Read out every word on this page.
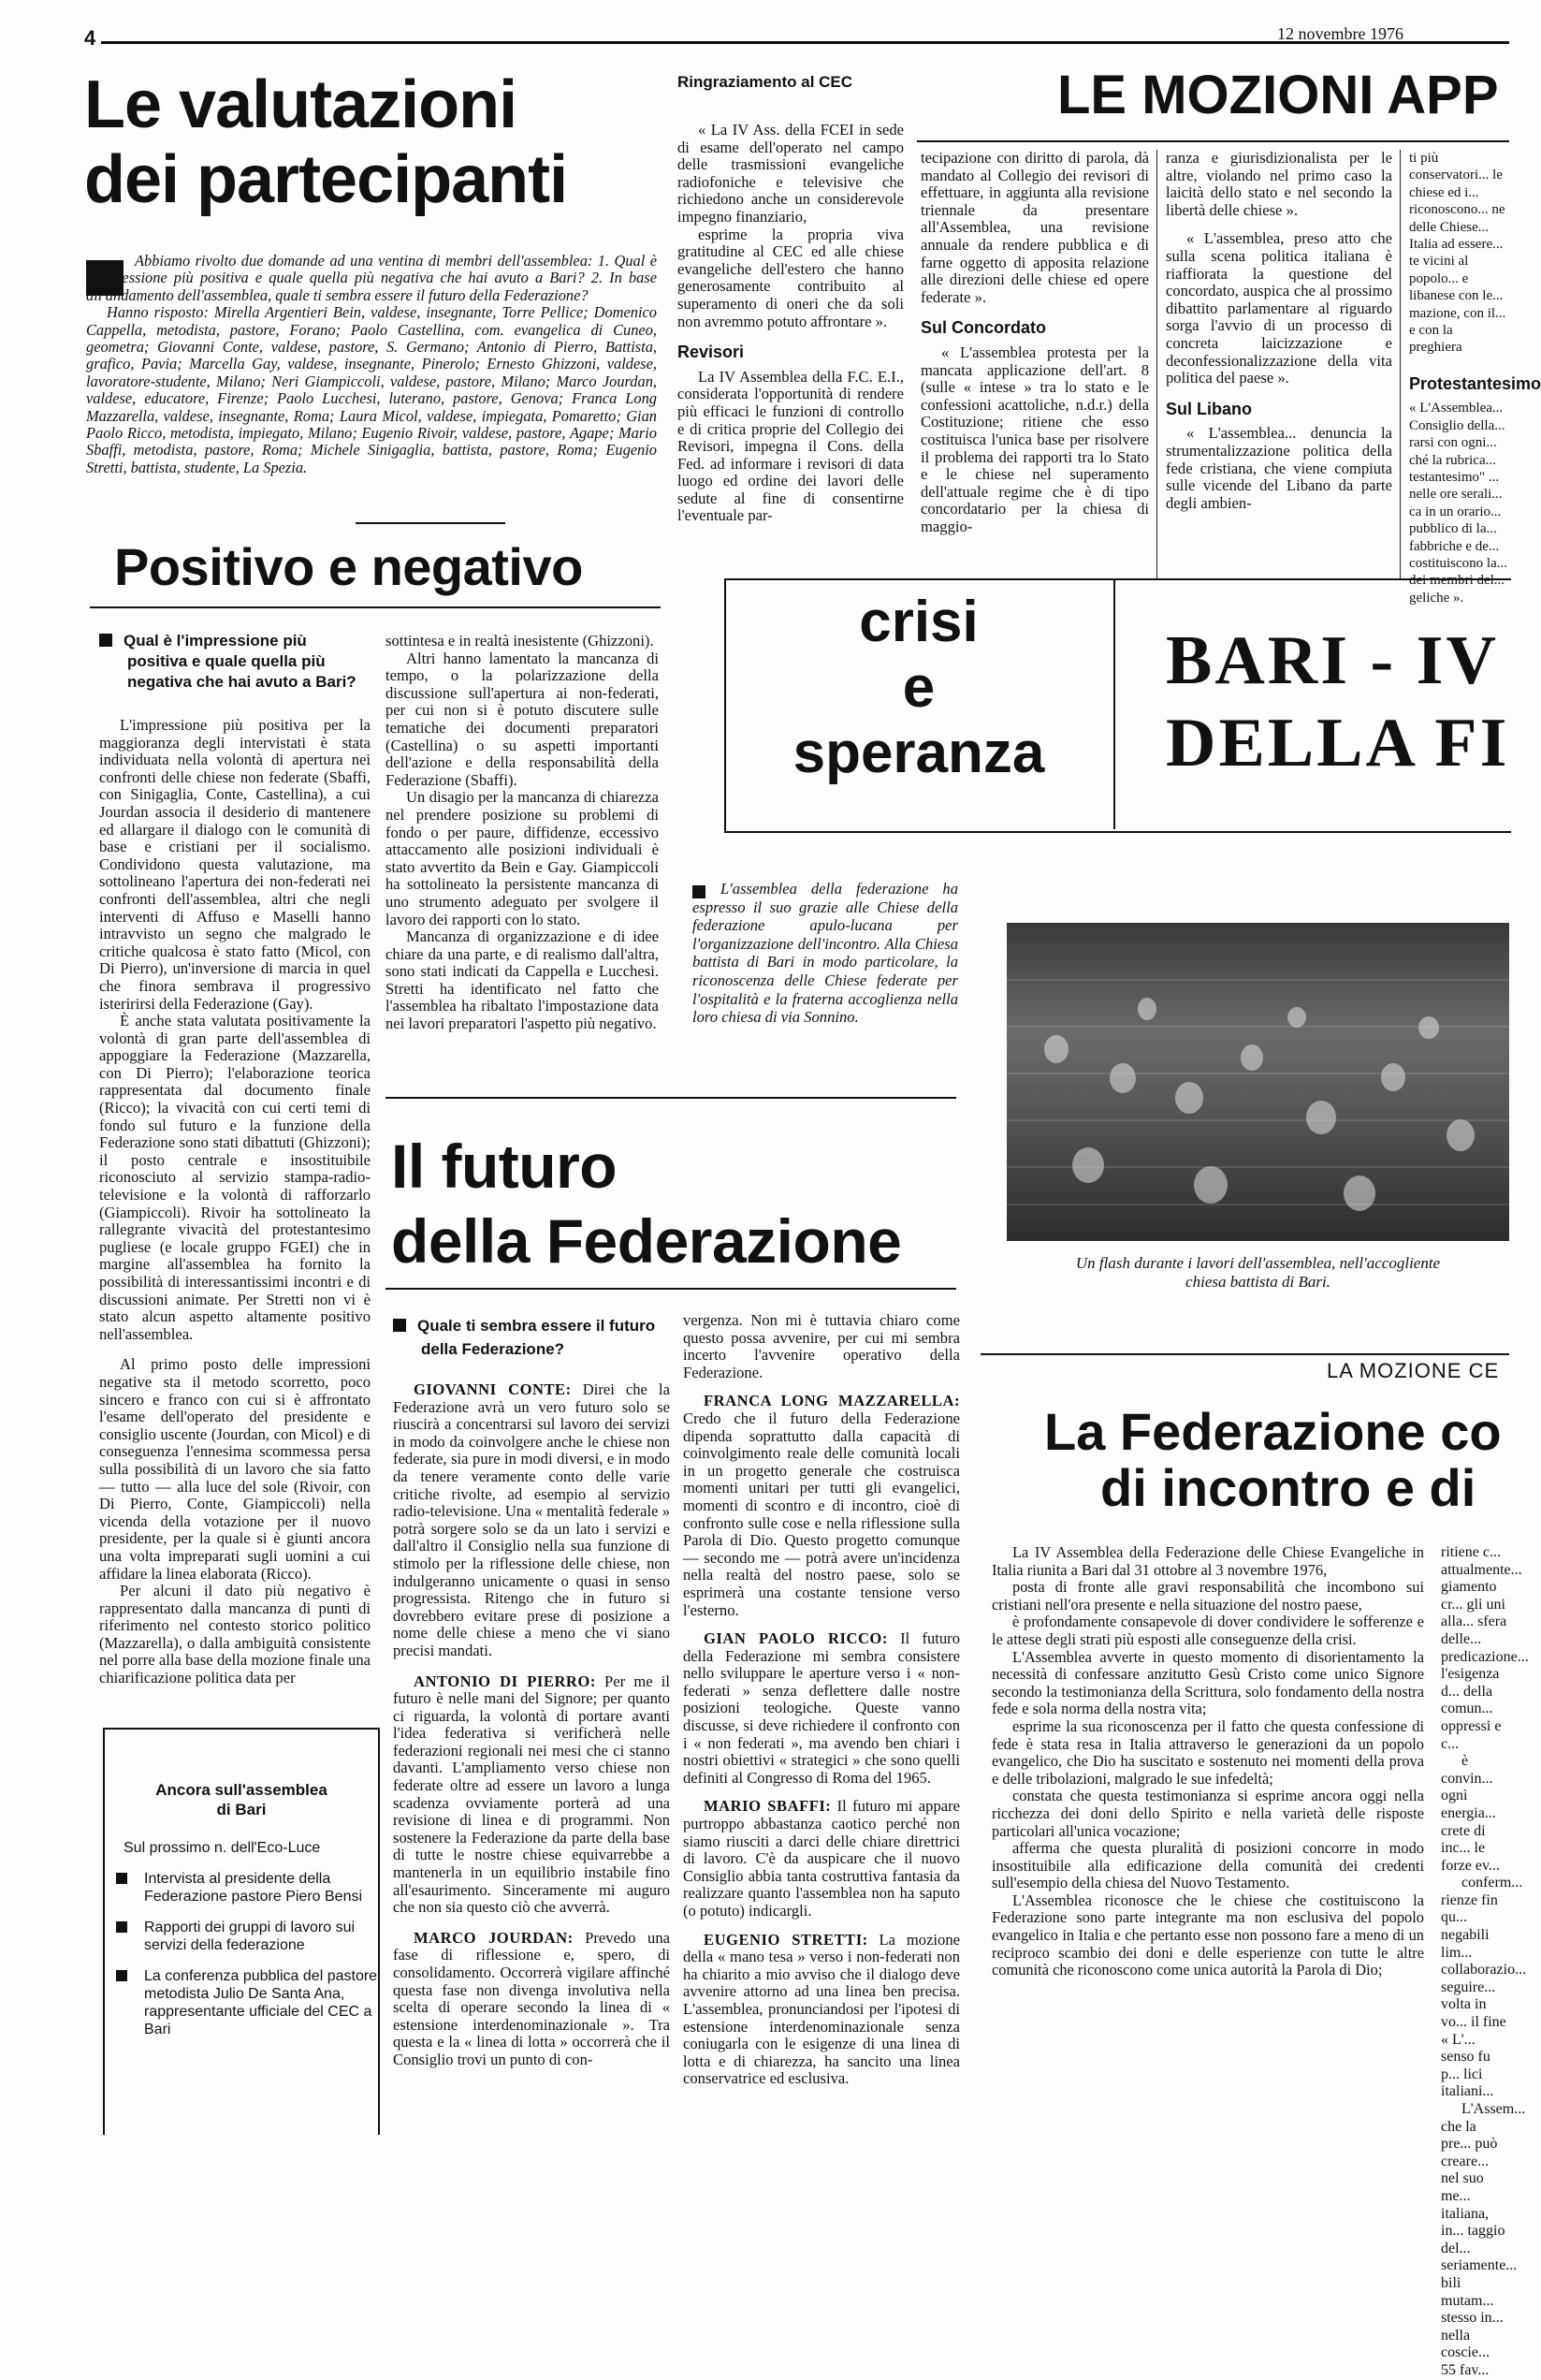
4	12 novembre 1976
Le valutazioni
dei partecipanti

Abbiamo rivolto due domande ad una ventina di membri dell'assemblea: 1. Qual è l'impressione più positiva e quale quella più negativa che hai avuto a Bari? 2. In base all'andamento dell'assemblea, quale ti sembra essere il futuro della Federazione?

Hanno risposto: Mirella Argentieri Bein, valdese, insegnante, Torre Pellice; Domenico Cappella, metodista, pastore, Forano; Paolo Castellina, com. evangelica di Cuneo, geometra; Giovanni Conte, valdese, pastore, S. Germano; Antonio di Pierro, Battista, grafico, Pavia; Marcella Gay, valdese, insegnante, Pinerolo; Ernesto Ghizzoni, valdese, lavoratore-studente, Milano; Neri Giampiccoli, valdese, pastore, Milano; Marco Jourdan, valdese, educatore, Firenze; Paolo Lucchesi, luterano, pastore, Genova; Franca Long Mazzarella, valdese, insegnante, Roma; Laura Micol, valdese, impiegata, Pomaretto; Gian Paolo Ricco, metodista, impiegato, Milano; Eugenio Rivoir, valdese, pastore, Agape; Mario Sbaffi, metodista, pastore, Roma; Michele Sinigaglia, battista, pastore, Roma; Eugenio Stretti, battista, studente, La Spezia.

Positivo e negativo
Qual è l'impressione più positiva e quale quella più negativa che hai avuto a Bari?

L'impressione più positiva per la maggioranza degli intervistati è stata individuata nella volontà di apertura nei confronti delle chiese non federate (Sbaffi, con Sinigaglia, Conte, Castellina), a cui Jourdan associa il desiderio di mantenere ed allargare il dialogo con le comunità di base e cristiani per il socialismo. Condividono questa valutazione, ma sottolineano l'apertura dei non-federati nei confronti dell'assemblea, altri che negli interventi di Affuso e Maselli hanno intravvisto un segno che malgrado le critiche qualcosa è stato fatto (Micol, con Di Pierro), un'inversione di marcia in quel che finora sembrava il progressivo isteririrsi della Federazione (Gay).

È anche stata valutata positivamente la volontà di gran parte dell'assemblea di appoggiare la Federazione (Mazzarella, con Di Pierro); l'elaborazione teorica rappresentata dal documento finale (Ricco); la vivacità con cui certi temi di fondo sul futuro e la funzione della Federazione sono stati dibattuti (Ghizzoni); il posto centrale e insostituibile riconosciuto al servizio stampa-radio-televisione e la volontà di rafforzarlo (Giampiccoli). Rivoir ha sottolineato la rallegrante vivacità del protestantesimo pugliese (e locale gruppo FGEI) che in margine all'assemblea ha fornito la possibilità di interessantissimi incontri e di discussioni animate. Per Stretti non vi è stato alcun aspetto altamente positivo nell'assemblea.

Al primo posto delle impressioni negative sta il metodo scorretto, poco sincero e franco con cui si è affrontato l'esame dell'operato del presidente e consiglio uscente (Jourdan, con Micol) e di conseguenza l'ennesima scommessa persa sulla possibilità di un lavoro che sia fatto — tutto — alla luce del sole (Rivoir, con Di Pierro, Conte, Giampiccoli) nella vicenda della votazione per il nuovo presidente, per la quale si è giunti ancora una volta impreparati sugli uomini a cui affidare la linea elaborata (Ricco).

Per alcuni il dato più negativo è rappresentato dalla mancanza di punti di riferimento nel contesto storico politico (Mazzarella), o dalla ambiguità consistente nel porre alla base della mozione finale una chiarificazione politica data per

sottintesa e in realtà inesistente (Ghizzoni).

Altri hanno lamentato la mancanza di tempo, o la polarizzazione della discussione sull'apertura ai non-federati, per cui non si è potuto discutere sulle tematiche dei documenti preparatori (Castellina) o su aspetti importanti dell'azione e della responsabilità della Federazione (Sbaffi).

Un disagio per la mancanza di chiarezza nel prendere posizione su problemi di fondo o per paure, diffidenze, eccessivo attaccamento alle posizioni individuali è stato avvertito da Bein e Gay. Giampiccoli ha sottolineato la persistente mancanza di uno strumento adeguato per svolgere il lavoro dei rapporti con lo stato.

Mancanza di organizzazione e di idee chiare da una parte, e di realismo dall'altra, sono stati indicati da Cappella e Lucchesi. Stretti ha identificato nel fatto che l'assemblea ha ribaltato l'impostazione data nei lavori preparatori l'aspetto più negativo.

Ancora sull'assemblea
di Bari
Sul prossimo n. dell'Eco-Luce
Intervista al presidente della Federazione pastore Piero Bensi
Rapporti dei gruppi di lavoro sui servizi della federazione
La conferenza pubblica del pastore metodista Julio De Santa Ana, rappresentante ufficiale del CEC a Bari
Ringraziamento al CEC

« La IV Ass. della FCEI in sede di esame dell'operato nel campo delle trasmissioni evangeliche radiofoniche e televisive che richiedono anche un considerevole impegno finanziario,

esprime la propria viva gratitudine al CEC ed alle chiese evangeliche dell'estero che hanno generosamente contribuito al superamento di oneri che da soli non avremmo potuto affrontare ».

Revisori

La IV Assemblea della F.C. E.I., considerata l'opportunità di rendere più efficaci le funzioni di controllo e di critica proprie del Collegio dei Revisori, impegna il Cons. della Fed. ad informare i revisori di data luogo ed ordine dei lavori delle sedute al fine di consentirne l'eventuale par-

LE MOZIONI APP

tecipazione con diritto di parola, dà mandato al Collegio dei revisori di effettuare, in aggiunta alla revisione triennale da presentare all'Assemblea, una revisione annuale da rendere pubblica e di farne oggetto di apposita relazione alle direzioni delle chiese ed opere federate ».

Sul Concordato

« L'assemblea protesta per la mancata applicazione dell'art. 8 (sulle « intese » tra lo stato e le confessioni acattoliche, n.d.r.) della Costituzione; ritiene che esso costituisca l'unica base per risolvere il problema dei rapporti tra lo Stato e le chiese nel superamento dell'attuale regime che è di tipo concordatario per la chiesa di maggio-

ranza e giurisdizionalista per le altre, violando nel primo caso la laicità dello stato e nel secondo la libertà delle chiese ».

« L'assemblea, preso atto che sulla scena politica italiana è riaffiorata la questione del concordato, auspica che al prossimo dibattito parlamentare al riguardo sorga l'avvio di un processo di concreta laicizzazione e deconfessionalizzazione della vita politica del paese ».

Sul Libano

« L'assemblea... denuncia la strumentalizzazione politica della fede cristiana, che viene compiuta sulle vicende del Libano da parte degli ambien-

ti più conservatori... le chiese ed i... riconoscono... ne delle Chiese... Italia ad essere... te vicini al popolo... e libanese con le... mazione, con il... e con la preghiera

Protestantesimo

« L'Assemblea... Consiglio della... rarsi con ogni... ché la rubrica... testantesimo" ... nelle ore serali... ca in un orario... pubblico di la... fabbriche e de... costituiscono la... dei membri del... geliche ».

crisi
e
speranza
BARI - IV
DELLA FI

L'assemblea della federazione ha espresso il suo grazie alle Chiese della federazione apulo-lucana per l'organizzazione dell'incontro. Alla Chiesa battista di Bari in modo particolare, la riconoscenza delle Chiese federate per l'ospitalità e la fraterna accoglienza nella loro chiesa di via Sonnino.

Un flash durante i lavori dell'assemblea, nell'accogliente
chiesa battista di Bari.
Il futuro
della Federazione
Quale ti sembra essere il futuro della Federazione?

GIOVANNI CONTE: Direi che la Federazione avrà un vero futuro solo se riuscirà a concentrarsi sul lavoro dei servizi in modo da coinvolgere anche le chiese non federate, sia pure in modi diversi, e in modo da tenere veramente conto delle varie critiche rivolte, ad esempio al servizio radio-televisione. Una « mentalità federale » potrà sorgere solo se da un lato i servizi e dall'altro il Consiglio nella sua funzione di stimolo per la riflessione delle chiese, non indulgeranno unicamente o quasi in senso progressista. Ritengo che in futuro si dovrebbero evitare prese di posizione a nome delle chiese a meno che vi siano precisi mandati.

ANTONIO DI PIERRO: Per me il futuro è nelle mani del Signore; per quanto ci riguarda, la volontà di portare avanti l'idea federativa si verificherà nelle federazioni regionali nei mesi che ci stanno davanti. L'ampliamento verso chiese non federate oltre ad essere un lavoro a lunga scadenza ovviamente porterà ad una revisione di linea e di programmi. Non sostenere la Federazione da parte della base di tutte le nostre chiese equivarrebbe a mantenerla in un equilibrio instabile fino all'esaurimento. Sinceramente mi auguro che non sia questo ciò che avverrà.

MARCO JOURDAN: Prevedo una fase di riflessione e, spero, di consolidamento. Occorrerà vigilare affinché questa fase non divenga involutiva nella scelta di operare secondo la linea di « estensione interdenominazionale ». Tra questa e la « linea di lotta » occorrerà che il Consiglio trovi un punto di con-

vergenza. Non mi è tuttavia chiaro come questo possa avvenire, per cui mi sembra incerto l'avvenire operativo della Federazione.

FRANCA LONG MAZZARELLA: Credo che il futuro della Federazione dipenda soprattutto dalla capacità di coinvolgimento reale delle comunità locali in un progetto generale che costruisca momenti unitari per tutti gli evangelici, momenti di scontro e di incontro, cioè di confronto sulle cose e nella riflessione sulla Parola di Dio. Questo progetto comunque — secondo me — potrà avere un'incidenza nella realtà del nostro paese, solo se esprimerà una costante tensione verso l'esterno.

GIAN PAOLO RICCO: Il futuro della Federazione mi sembra consistere nello sviluppare le aperture verso i « non-federati » senza deflettere dalle nostre posizioni teologiche. Queste vanno discusse, si deve richiedere il confronto con i « non federati », ma avendo ben chiari i nostri obiettivi « strategici » che sono quelli definiti al Congresso di Roma del 1965.

MARIO SBAFFI: Il futuro mi appare purtroppo abbastanza caotico perché non siamo riusciti a darci delle chiare direttrici di lavoro. C'è da auspicare che il nuovo Consiglio abbia tanta costruttiva fantasia da realizzare quanto l'assemblea non ha saputo (o potuto) indicargli.

EUGENIO STRETTI: La mozione della « mano tesa » verso i non-federati non ha chiarito a mio avviso che il dialogo deve avvenire attorno ad una linea ben precisa. L'assemblea, pronunciandosi per l'ipotesi di estensione interdenominazionale senza coniugarla con le esigenze di una linea di lotta e di chiarezza, ha sancito una linea conservatrice ed esclusiva.

LA MOZIONE CE
La Federazione co
di incontro e di

La IV Assemblea della Federazione delle Chiese Evangeliche in Italia riunita a Bari dal 31 ottobre al 3 novembre 1976,

posta di fronte alle gravi responsabilità che incombono sui cristiani nell'ora presente e nella situazione del nostro paese,

è profondamente consapevole di dover condividere le sofferenze e le attese degli strati più esposti alle conseguenze della crisi.

L'Assemblea avverte in questo momento di disorientamento la necessità di confessare anzitutto Gesù Cristo come unico Signore secondo la testimonianza della Scrittura, solo fondamento della nostra fede e sola norma della nostra vita;

esprime la sua riconoscenza per il fatto che questa confessione di fede è stata resa in Italia attraverso le generazioni da un popolo evangelico, che Dio ha suscitato e sostenuto nei momenti della prova e delle tribolazioni, malgrado le sue infedeltà;

constata che questa testimonianza si esprime ancora oggi nella ricchezza dei doni dello Spirito e nella varietà delle risposte particolari all'unica vocazione;

afferma che questa pluralità di posizioni concorre in modo insostituibile alla edificazione della comunità dei credenti sull'esempio della chiesa del Nuovo Testamento.

L'Assemblea riconosce che le chiese che costituiscono la Federazione sono parte integrante ma non esclusiva del popolo evangelico in Italia e che pertanto esse non possono fare a meno di un reciproco scambio dei doni e delle esperienze con tutte le altre comunità che riconoscono come unica autorità la Parola di Dio;

ritiene c... attualmente... giamento cr... gli uni alla... sfera delle... predicazione... l'esigenza d... della comun... oppressi e c...

è convin... ognì energia... crete di inc... le forze ev...

conferm... rienze fin qu... negabili lim... collaborazio... seguire... volta in vo... il fine « L'... senso fu p... lici italiani...

L'Assem... che la pre... può creare... nel suo me... italiana, in... taggio del... seriamente... bili mutam... stesso in... nella coscie...

55 fav...
